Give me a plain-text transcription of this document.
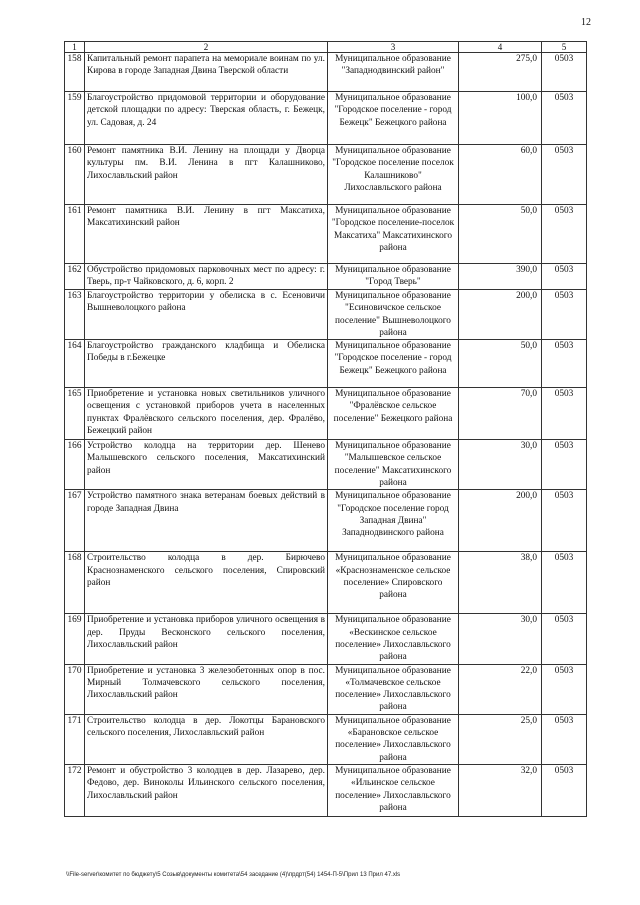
12
1	2	3	4	5
158	Капитальный ремонт парапета на мемориале воинам по ул. Кирова в городе Западная Двина Тверской области	Муниципальное образование "Западнодвинский район"	275,0	0503
159	Благоустройство придомовой территории и оборудование детской площадки по адресу: Тверская область, г. Бежецк, ул. Садовая, д. 24	Муниципальное образование "Городское поселение - город Бежецк" Бежецкого района	100,0	0503
160	Ремонт памятника В.И. Ленину на площади у Дворца культуры пм. В.И. Ленина в пгт Калашниково, Лихославльский район	Муниципальное образование "Городское поселение поселок Калашниково" Лихославльского района	60,0	0503
161	Ремонт памятника В.И. Ленину в пгт Максатиха, Максатихинский район	Муниципальное образование "Городское поселение-поселок Максатиха" Максатихинского района	50,0	0503
162	Обустройство придомовых парковочных мест по адресу: г. Тверь, пр-т Чайковского, д. 6, корп. 2	Муниципальное образование "Город Тверь"	390,0	0503
163	Благоустройство территории у обелиска в с. Есеновичи Вышневолоцкого района	Муниципальное образование "Есиновичское сельское поселение" Вышневолоцкого района	200,0	0503
164	Благоустройство гражданского кладбища и Обелиска Победы в г.Бежецке	Муниципальное образование "Городское поселение - город Бежецк" Бежецкого района	50,0	0503
165	Приобретение и установка новых светильников уличного освещения с установкой приборов учета в населенных пунктах Фралёвского сельского поселения, дер. Фралёво, Бежецкий район	Муниципальное образование "Фралёвское сельское поселение" Бежецкого района	70,0	0503
166	Устройство колодца на территории дер. Шенево Малышевского сельского поселения, Максатихинский район	Муниципальное образование "Малышевское сельское поселение" Максатихинского района	30,0	0503
167	Устройство памятного знака ветеранам боевых действий в городе Западная Двина	Муниципальное образование "Городское поселение город Западная Двина" Западнодвинского района	200,0	0503
168	Строительство колодца в дер. Бирючево Краснознаменского сельского поселения, Спировский район	Муниципальное образование «Краснознаменское сельское поселение» Спировского района	38,0	0503
169	Приобретение и установка приборов уличного освещения в дер. Пруды Весконского сельского поселения, Лихославльский район	Муниципальное образование «Вескинское сельское поселение» Лихославльского района	30,0	0503
170	Приобретение и установка 3 железобетонных опор в пос. Мирный Толмачевского сельского поселения, Лихославльский район	Муниципальное образование «Толмачевское сельское поселение» Лихославльского района	22,0	0503
171	Строительство колодца в дер. Локотцы Барановского сельского поселения, Лихославльский район	Муниципальное образование «Барановское сельское поселение» Лихославльского района	25,0	0503
172	Ремонт и обустройство 3 колодцев в дер. Лазарево, дер. Федово, дер. Виноколы Ильинского сельского поселения, Лихославльский район	Муниципальное образование «Ильинское сельское поселение» Лихославльского района	32,0	0503
\\File-server\комитет по бюджету\5 Созыв\документы комитета\54 заседание (4)\прдрт(54) 1454-П-5\Прил 13 Прил 47.xls
